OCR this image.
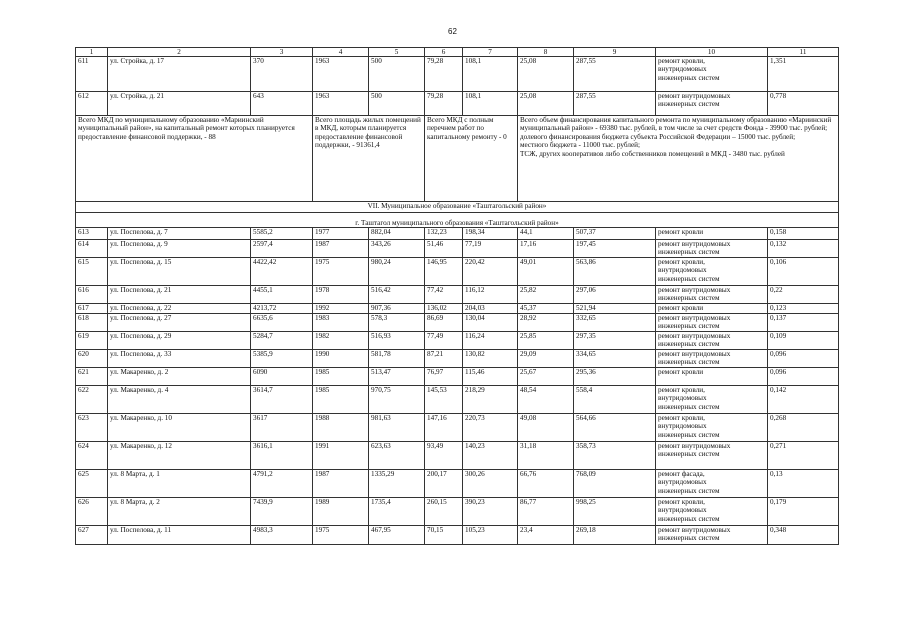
62
1	2	3	4	5	6	7	8	9	10	11
611	ул. Стройка, д. 17	370	1963	500	79,28	108,1	25,08	287,55	ремонт кровли,
внутридомовых
инженерных систем	1,351
612	ул. Стройка, д. 21	643	1963	500	79,28	108,1	25,08	287,55	ремонт внутридомовых
инженерных систем	0,778
Всего МКД по муниципальному образованию «Мариинский муниципальный район», на капитальный ремонт которых планируется предоставление финансовой поддержки, - 88			Всего площадь жилых помещений в МКД, которым планируется предоставление финансовой поддержки, - 91361,4		Всего МКД с полным перечнем работ по капитальному ремонту - 0		Всего объем финансирования капитального ремонта по муниципальному образованию «Мариинский муниципальный район» - 69380 тыс. рублей, в том числе за счет средств Фонда - 39900 тыс. рублей;
долевого финансирования бюджета субъекта Российской Федерации – 15000 тыс. рублей;
местного бюджета - 11000 тыс. рублей;
ТСЖ, других кооперативов либо собственников помещений в МКД - 3480 тыс. рублей			
VII. Муниципальное образование «Таштагольский район»										
г. Таштагол муниципального образования «Таштагольский район»										
613	ул. Поспелова, д. 7	5585,2	1977	882,04	132,23	198,34	44,1	507,37	ремонт кровли	0,158
614	ул. Поспелова, д. 9	2597,4	1987	343,26	51,46	77,19	17,16	197,45	ремонт внутридомовых
инженерных систем	0,132
615	ул. Поспелова, д. 15	4422,42	1975	980,24	146,95	220,42	49,01	563,86	ремонт кровли,
внутридомовых
инженерных систем	0,106
616	ул. Поспелова, д. 21	4455,1	1978	516,42	77,42	116,12	25,82	297,06	ремонт внутридомовых
инженерных систем	0,22
617	ул. Поспелова, д. 22	4213,72	1992	907,36	136,02	204,03	45,37	521,94	ремонт кровли	0,123
618	ул. Поспелова, д. 27	6635,6	1983	578,3	86,69	130,04	28,92	332,65	ремонт внутридомовых
инженерных систем	0,137
619	ул. Поспелова, д. 29	5284,7	1982	516,93	77,49	116,24	25,85	297,35	ремонт внутридомовых
инженерных систем	0,109
620	ул. Поспелова, д. 33	5385,9	1990	581,78	87,21	130,82	29,09	334,65	ремонт внутридомовых
инженерных систем	0,096
621	ул. Макаренко, д. 2	6090	1985	513,47	76,97	115,46	25,67	295,36	ремонт кровли	0,096
622	ул. Макаренко, д. 4	3614,7	1985	970,75	145,53	218,29	48,54	558,4	ремонт кровли,
внутридомовых
инженерных систем	0,142
623	ул. Макаренко, д. 10	3617	1988	981,63	147,16	220,73	49,08	564,66	ремонт кровли,
внутридомовых
инженерных систем	0,268
624	ул. Макаренко, д. 12	3616,1	1991	623,63	93,49	140,23	31,18	358,73	ремонт внутридомовых
инженерных систем	0,271
625	ул. 8 Марта, д. 1	4791,2	1987	1335,29	200,17	300,26	66,76	768,09	ремонт фасада,
внутридомовых
инженерных систем	0,13
626	ул. 8 Марта, д. 2	7439,9	1989	1735,4	260,15	390,23	86,77	998,25	ремонт кровли,
внутридомовых
инженерных систем	0,179
627	ул. Поспелова, д. 11	4983,3	1975	467,95	70,15	105,23	23,4	269,18	ремонт внутридомовых
инженерных систем	0,348
